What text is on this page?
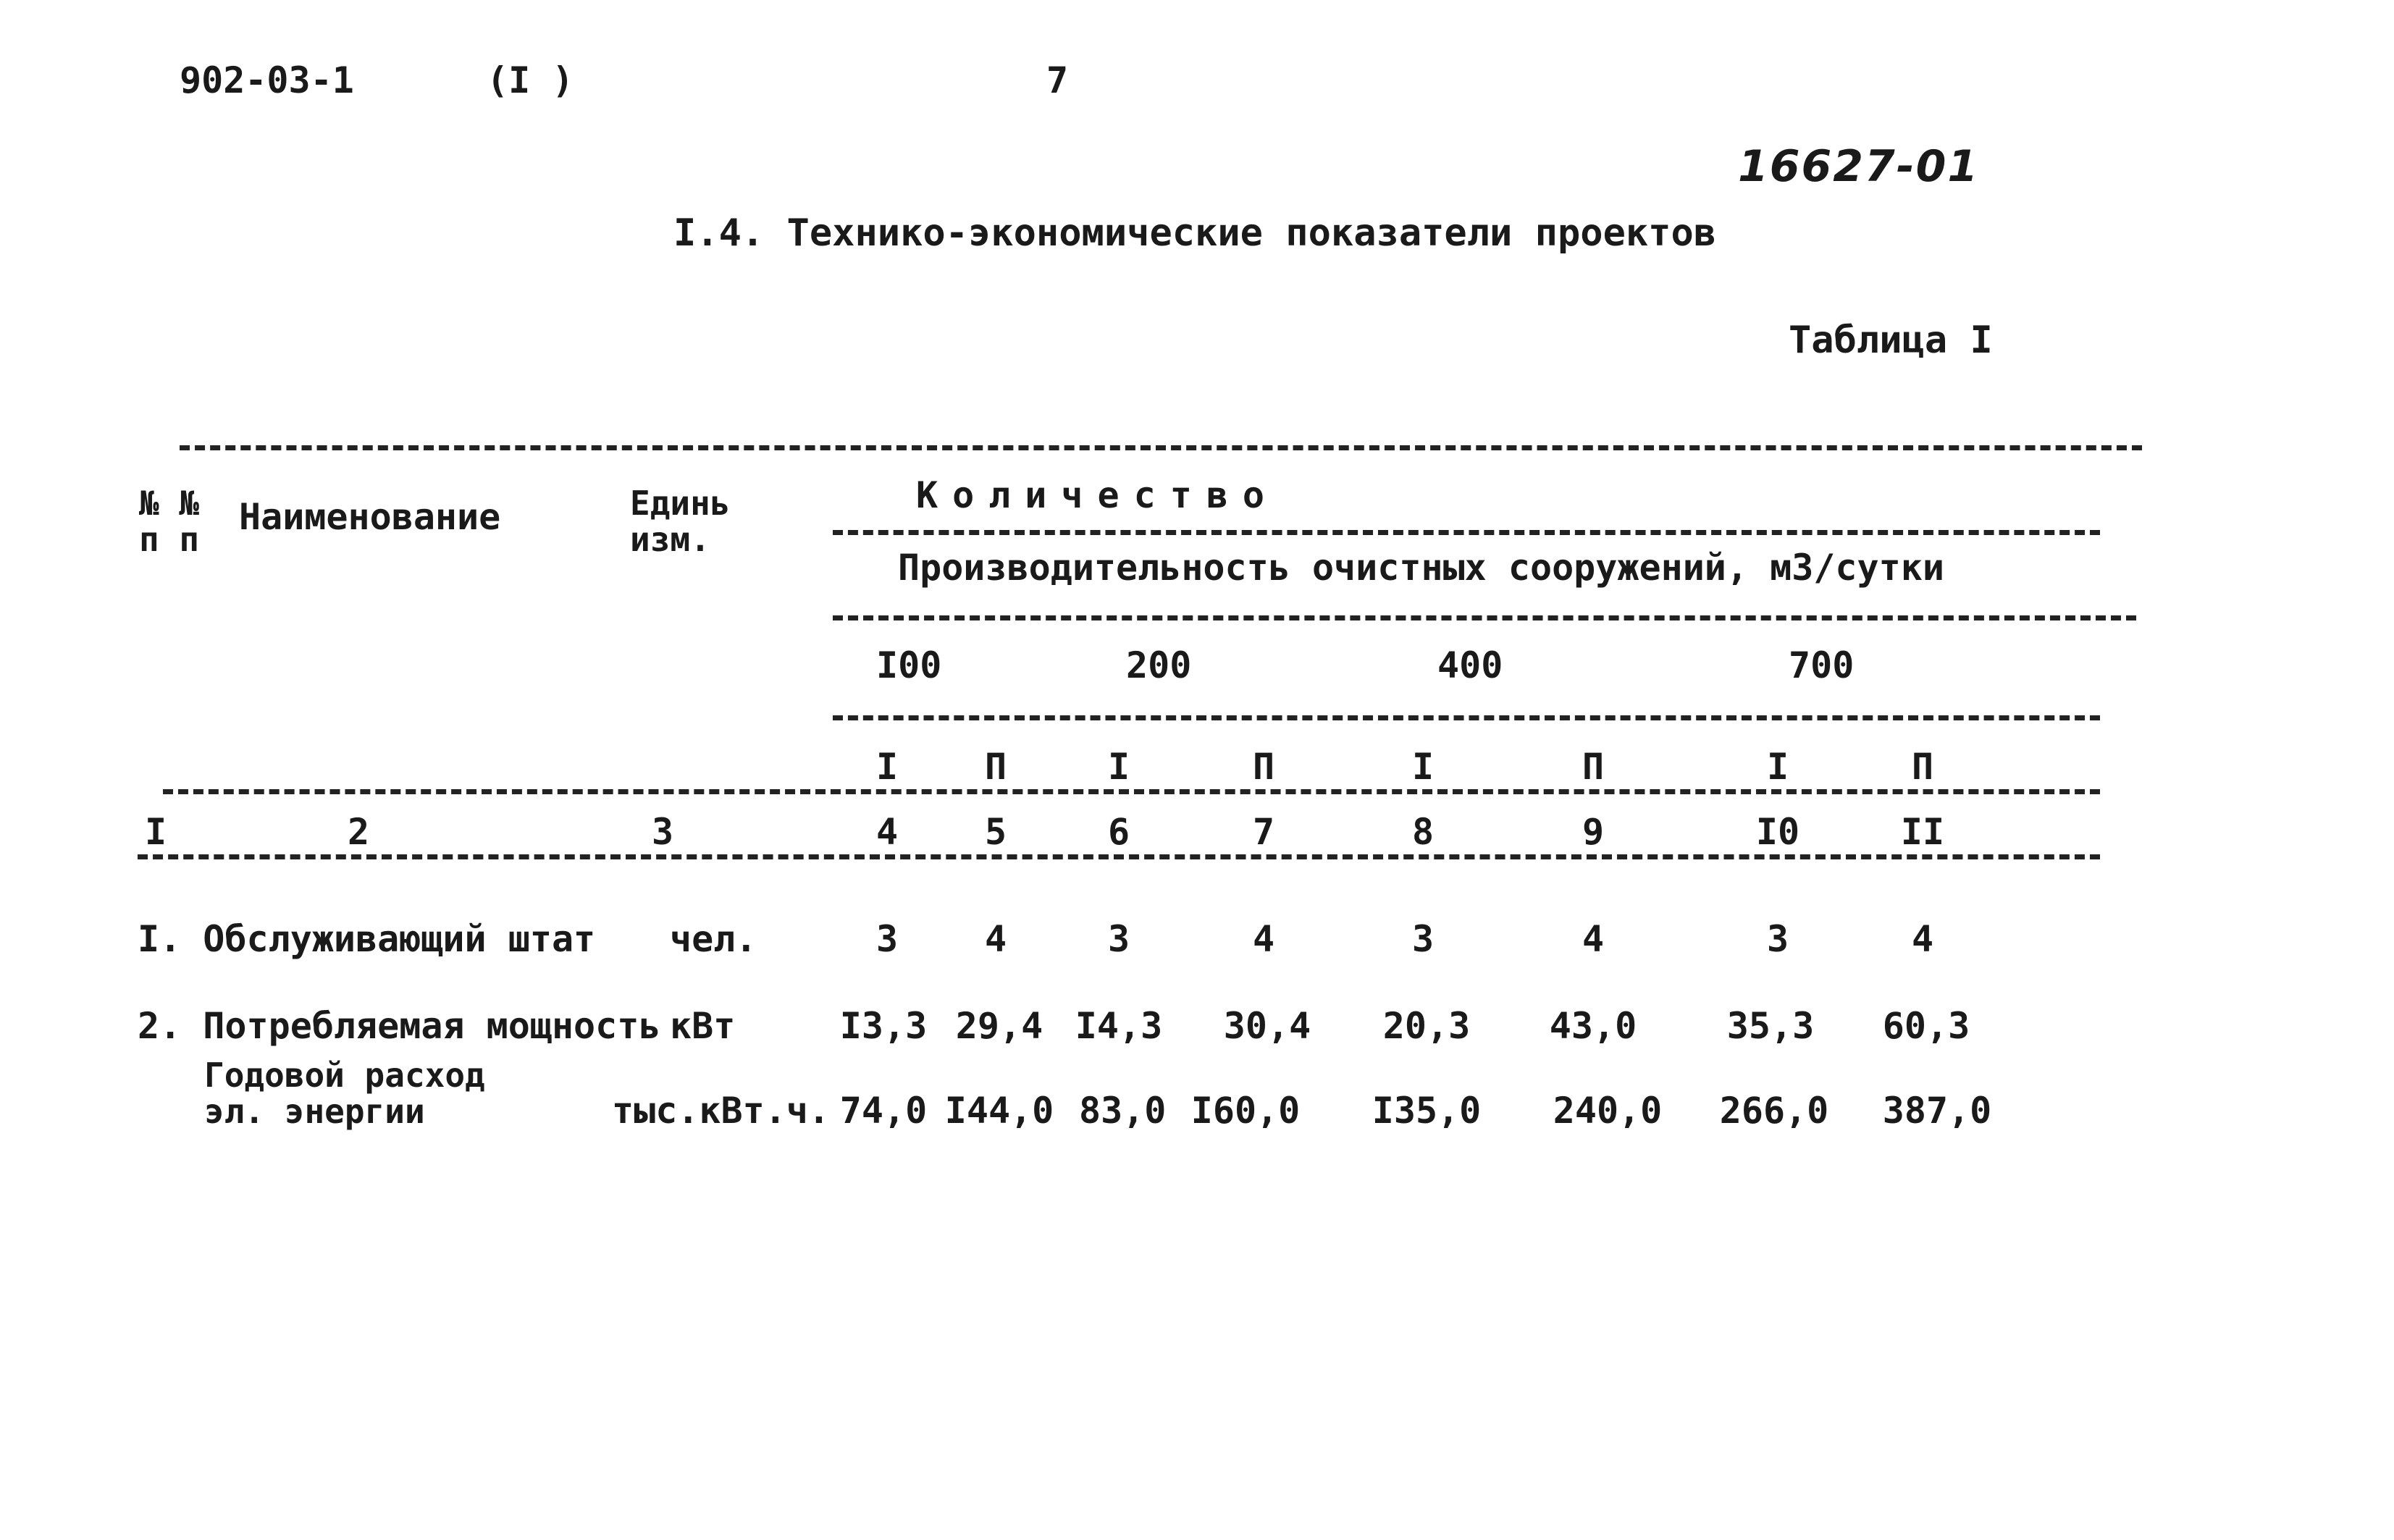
902-03-1	(I )	7
16627-01
I.4. Технико-экономические показатели проектов
Таблица I
№ №
п п
Наименование	Единь
изм.
Количество
Производительность очистных сооружений, м3/сутки
I00	200	400	700
I П	I	П	I	П	I	П
I	2	3	4 5	6	7	8	9	I0	II
I. Обслуживающий штат чел.	3	4	3	4	3	4	3	4
2. Потребляемая мощность кВт	I3,3 29,4 I4,3 30,4 20,3 43,0 35,3 60,3
Годовой расход
эл. энергии	тыс.кВт.ч. 74,0 I44,0 83,0 I60,0 I35,0 240,0 266,0 387,0
